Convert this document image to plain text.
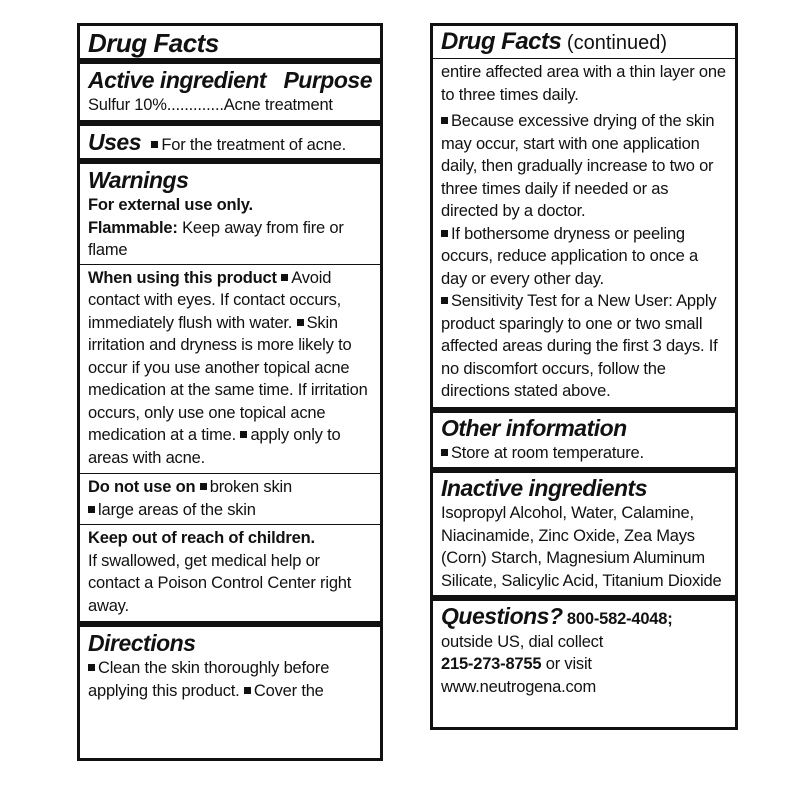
Drug Facts

Active ingredient Purpose

Sulfur 10%.............Acne treatment

Uses For the treatment of acne.

Warnings

For external use only.

Flammable: Keep away from fire or flame

When using this product Avoid contact with eyes. If contact occurs, immediately flush with water. Skin irritation and dryness is more likely to occur if you use another topical acne medication at the same time. If irritation occurs, only use one topical acne medication at a time. apply only to areas with acne.

Do not use on broken skin

large areas of the skin

Keep out of reach of children.

If swallowed, get medical help or contact a Poison Control Center right away.

Directions

Clean the skin thoroughly before applying this product. Cover the

Drug Facts (continued)

entire affected area with a thin layer one to three times daily.

Because excessive drying of the skin may occur, start with one application daily, then gradually increase to two or three times daily if needed or as directed by a doctor.

If bothersome dryness or peeling occurs, reduce application to once a day or every other day.

Sensitivity Test for a New User: Apply product sparingly to one or two small affected areas during the first 3 days. If no discomfort occurs, follow the directions stated above.

Other information

Store at room temperature.

Inactive ingredients

Isopropyl Alcohol, Water, Calamine, Niacinamide, Zinc Oxide, Zea Mays (Corn) Starch, Magnesium Aluminum Silicate, Salicylic Acid, Titanium Dioxide

Questions? 800-582-4048;

outside US, dial collect

215-273-8755 or visit

www.neutrogena.com
